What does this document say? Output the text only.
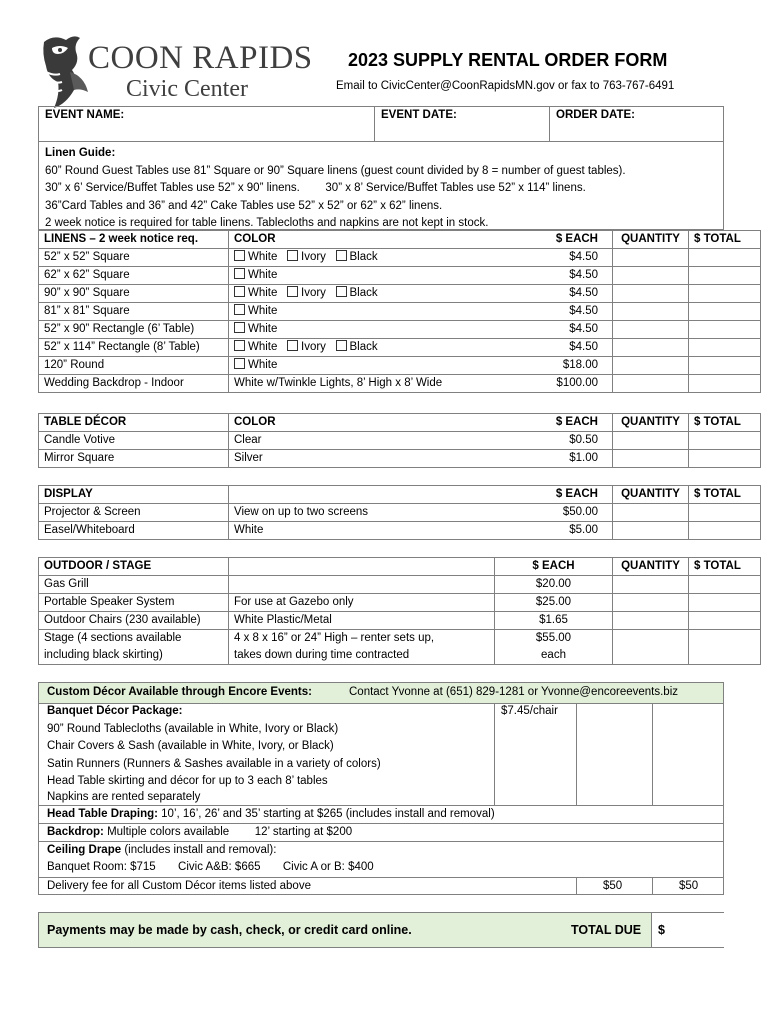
COON RAPIDS
Civic Center
2023 SUPPLY RENTAL ORDER FORM
Email to CivicCenter@CoonRapidsMN.gov or fax to 763-767-6491
EVENT NAME:	EVENT DATE:	ORDER DATE:
Linen Guide:
60” Round Guest Tables use 81” Square or 90” Square linens (guest count divided by 8 = number of guest tables).
30” x 6’ Service/Buffet Tables use 52” x 90” linens.        30” x 8’ Service/Buffet Tables use 52” x 114” linens.
36”Card Tables and 36” and 42” Cake Tables use 52” x 52” or 62” x 62” linens.
2 week notice is required for table linens. Tablecloths and napkins are not kept in stock.
LINENS – 2 week notice req.	COLOR	$ EACH	QUANTITY	$ TOTAL
52” x 52” Square	White Ivory Black	$4.50		
62” x 62” Square	White	$4.50		
90” x 90” Square	White Ivory Black	$4.50		
81” x 81” Square	White	$4.50		
52” x 90” Rectangle (6’ Table)	White	$4.50		
52” x 114” Rectangle (8’ Table)	White Ivory Black	$4.50		
120” Round	White	$18.00		
Wedding Backdrop - Indoor	White w/Twinkle Lights, 8’ High x 8’ Wide	$100.00		
TABLE DÉCOR	COLOR	$ EACH	QUANTITY	$ TOTAL
Candle Votive	Clear	$0.50		
Mirror Square	Silver	$1.00		
DISPLAY		$ EACH	QUANTITY	$ TOTAL
Projector & Screen	View on up to two screens	$50.00		
Easel/Whiteboard	White	$5.00		
OUTDOOR / STAGE		$ EACH	QUANTITY	$ TOTAL
Gas Grill		$20.00		
Portable Speaker System	For use at Gazebo only	$25.00		
Outdoor Chairs (230 available)	White Plastic/Metal	$1.65		
Stage (4 sections available	4 x 8 x 16” or 24” High – renter sets up,	$55.00		
including black skirting)	takes down during time contracted	each		
Custom Décor Available through Encore Events:	Contact Yvonne at (651) 829-1281 or Yvonne@encoreevents.biz
Banquet Décor Package:	$7.45/chair
90” Round Tablecloths (available in White, Ivory or Black)
Chair Covers & Sash (available in White, Ivory, or Black)
Satin Runners (Runners & Sashes available in a variety of colors)
Head Table skirting and décor for up to 3 each 8’ tables
Napkins are rented separately
Head Table Draping: 10’, 16’, 26’ and 35’ starting at $265 (includes install and removal)
Backdrop: Multiple colors available        12’ starting at $200
Ceiling Drape (includes install and removal):
Banquet Room: $715       Civic A&B: $665       Civic A or B: $400
Delivery fee for all Custom Décor items listed above	$50	$50
Payments may be made by cash, check, or credit card online.	TOTAL DUE $
